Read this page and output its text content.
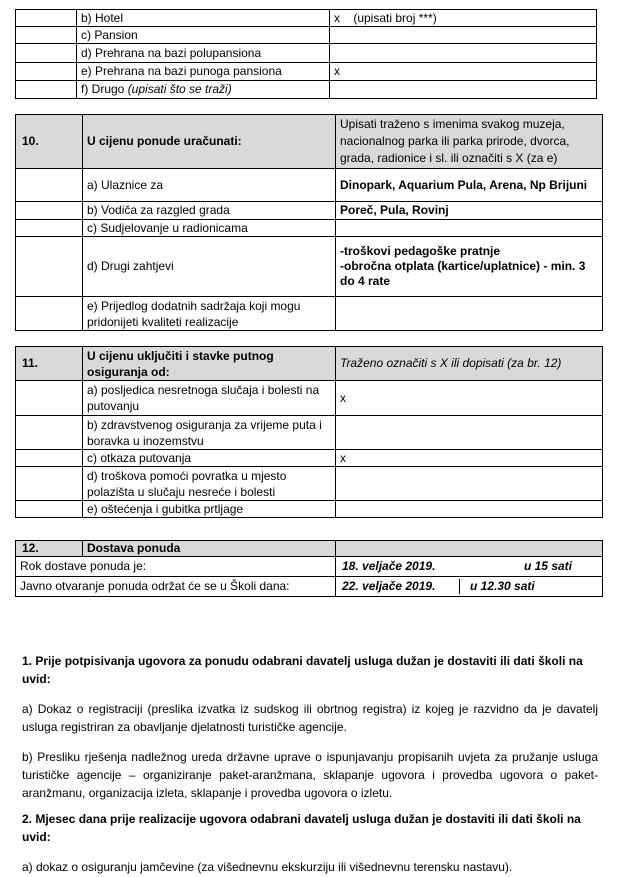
	b) Hotel	x    (upisati broj ***)
	c) Pansion	
	d) Prehrana na bazi polupansiona	
	e) Prehrana na bazi punoga pansiona	x
	f) Drugo (upisati što se traži)	
10.	U cijenu ponude uračunati:	Upisati traženo s imenima svakog muzeja, nacionalnog parka ili parka prirode, dvorca, grada, radionice i sl. ili označiti s X (za e)
	a) Ulaznice za	Dinopark, Aquarium Pula, Arena, Np Brijuni
	b) Vodiča za razgled grada	Poreč, Pula, Rovinj
	c) Sudjelovanje u radionicama	
	d) Drugi zahtjevi	-troškovi pedagoške pratnje
-obročna otplata (kartice/uplatnice) - min. 3 do 4 rate

	e) Prijedlog dodatnih sadržaja koji mogu pridonijeti kvaliteti realizacije	
11.	U cijenu uključiti i stavke putnog osiguranja od:	Traženo označiti s X ili dopisati (za br. 12)
	a) posljedica nesretnoga slučaja i bolesti na putovanju	x
	b) zdravstvenog osiguranja za vrijeme puta i boravka u inozemstvu	
	c) otkaza putovanja	x
	d) troškova pomoći povratka u mjesto polazišta u slučaju nesreće i bolesti	
	e) oštećenja i gubitka prtljage	
12.	Dostava ponuda	
Rok dostave ponuda je:		18. veljače 2019. u 15 sati

Javno otvaranje ponuda održat će se u Školi dana:		22. veljače 2019. u 12.30 sati

1. Prije potpisivanja ugovora za ponudu odabrani davatelj usluga dužan je dostaviti ili dati školi na uvid:

a) Dokaz o registraciji (preslika izvatka iz sudskog ili obrtnog registra) iz kojeg je razvidno da je davatelj usluga registriran za obavljanje djelatnosti turističke agencije.

b) Presliku rješenja nadležnog ureda državne uprave o ispunjavanju propisanih uvjeta za pružanje usluga turističke agencije – organiziranje paket-aranžmana, sklapanje ugovora i provedba ugovora o paket-aranžmanu, organizacija izleta, sklapanje i provedba ugovora o izletu.

2. Mjesec dana prije realizacije ugovora odabrani davatelj usluga dužan je dostaviti ili dati školi na uvid:

a) dokaz o osiguranju jamčevine (za višednevnu ekskurziju ili višednevnu terensku nastavu).
